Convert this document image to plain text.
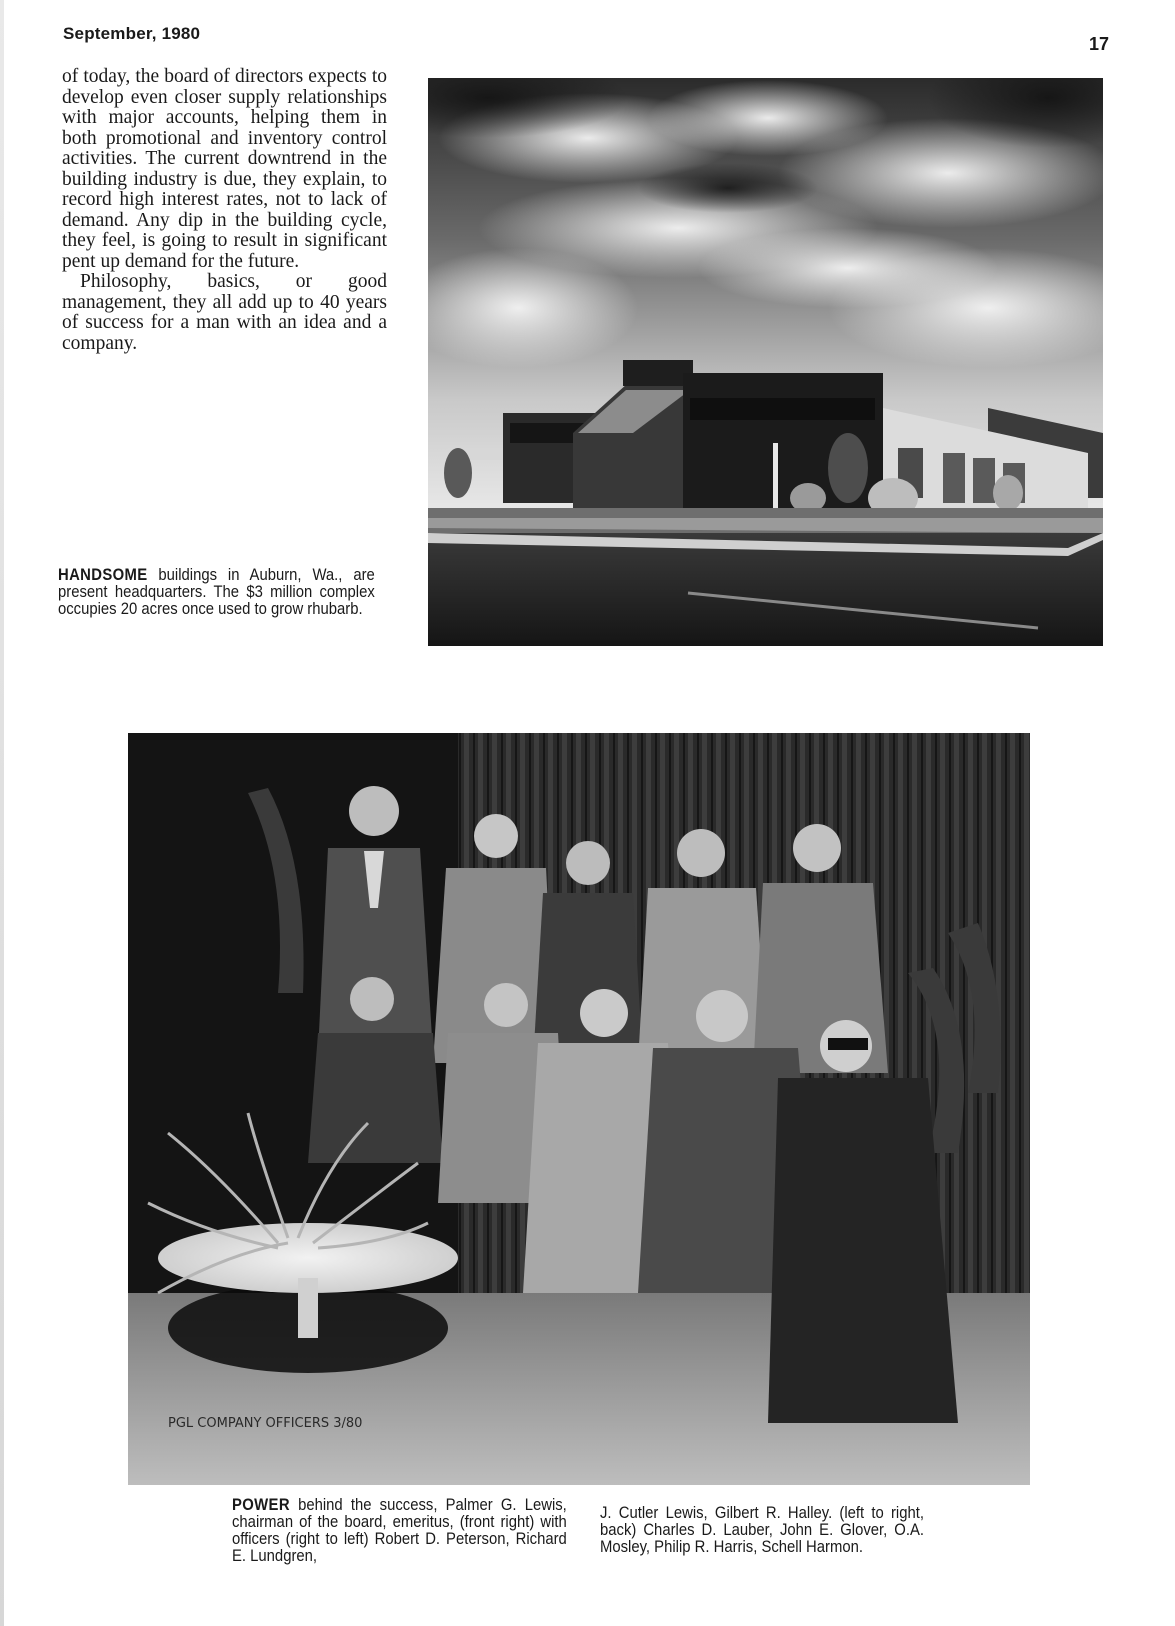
September, 1980
17

of today, the board of directors expects to develop even closer supply relationships with major accounts, helping them in both promotional and inventory control activities. The current downtrend in the building industry is due, they explain, to record high interest rates, not to lack of demand. Any dip in the building cycle, they feel, is going to result in significant pent up demand for the future.

Philosophy, basics, or good management, they all add up to 40 years of success for a man with an idea and a company.

HANDSOME buildings in Auburn, Wa., are present headquarters. The $3 million complex occupies 20 acres once used to grow rhubarb.
PGL COMPANY OFFICERS 3/80
POWER behind the success, Palmer G. Lewis, chairman of the board, emeritus, (front right) with officers (right to left) Robert D. Peterson, Richard E. Lundgren,
J. Cutler Lewis, Gilbert R. Halley. (left to right, back) Charles D. Lauber, John E. Glover, O.A. Mosley, Philip R. Harris, Schell Harmon.
